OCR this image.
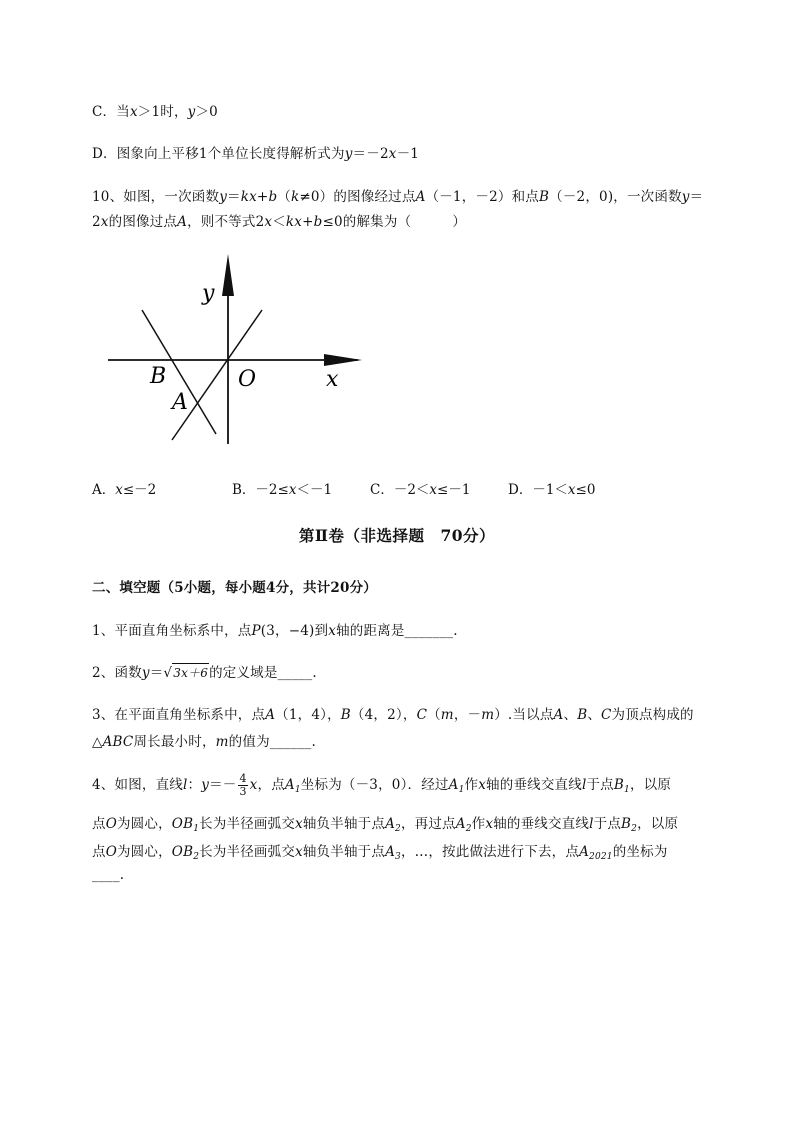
C．当x＞1时，y＞0
D．图象向上平移1个单位长度得解析式为y＝－2x－1
10、如图，一次函数y＝kx+b（k≠0）的图像经过点A（－1，－2）和点B（－2，0)，一次函数y＝
2x的图像过点A，则不等式2x＜kx+b≤0的解集为（　　　）
y
x
O
B
A
A．x≤－2	B．－2≤x＜－1	C．－2＜x≤－1	D．－1＜x≤0
第Ⅱ卷（非选择题　70分）
二、填空题（5小题，每小题4分，共计20分）
1、平面直角坐标系中，点P(3，−4)到x轴的距离是_______.
2、函数y＝√3x＋6的定义域是_____.
3、在平面直角坐标系中，点A（1，4），B（4，2），C（m，－m）.当以点A、B、C为顶点构成的
△ABC周长最小时，m的值为______.
4、如图，直线l：$y=- \frac{4}{3}$ x，点$A_1$坐标为（－3，0）．经过$A_1$作x轴的垂线交直线l于点$B_1$，以原
点O为圆心，$OB_1$长为半径画弧交x轴负半轴于点$A_2$，再过点$A_2$作x轴的垂线交直线l于点$B_2$，以原
点O为圆心，$OB_2$长为半径画弧交x轴负半轴于点$A_3$，…，按此做法进行下去，点$A_{2021}$的坐标为
____.
